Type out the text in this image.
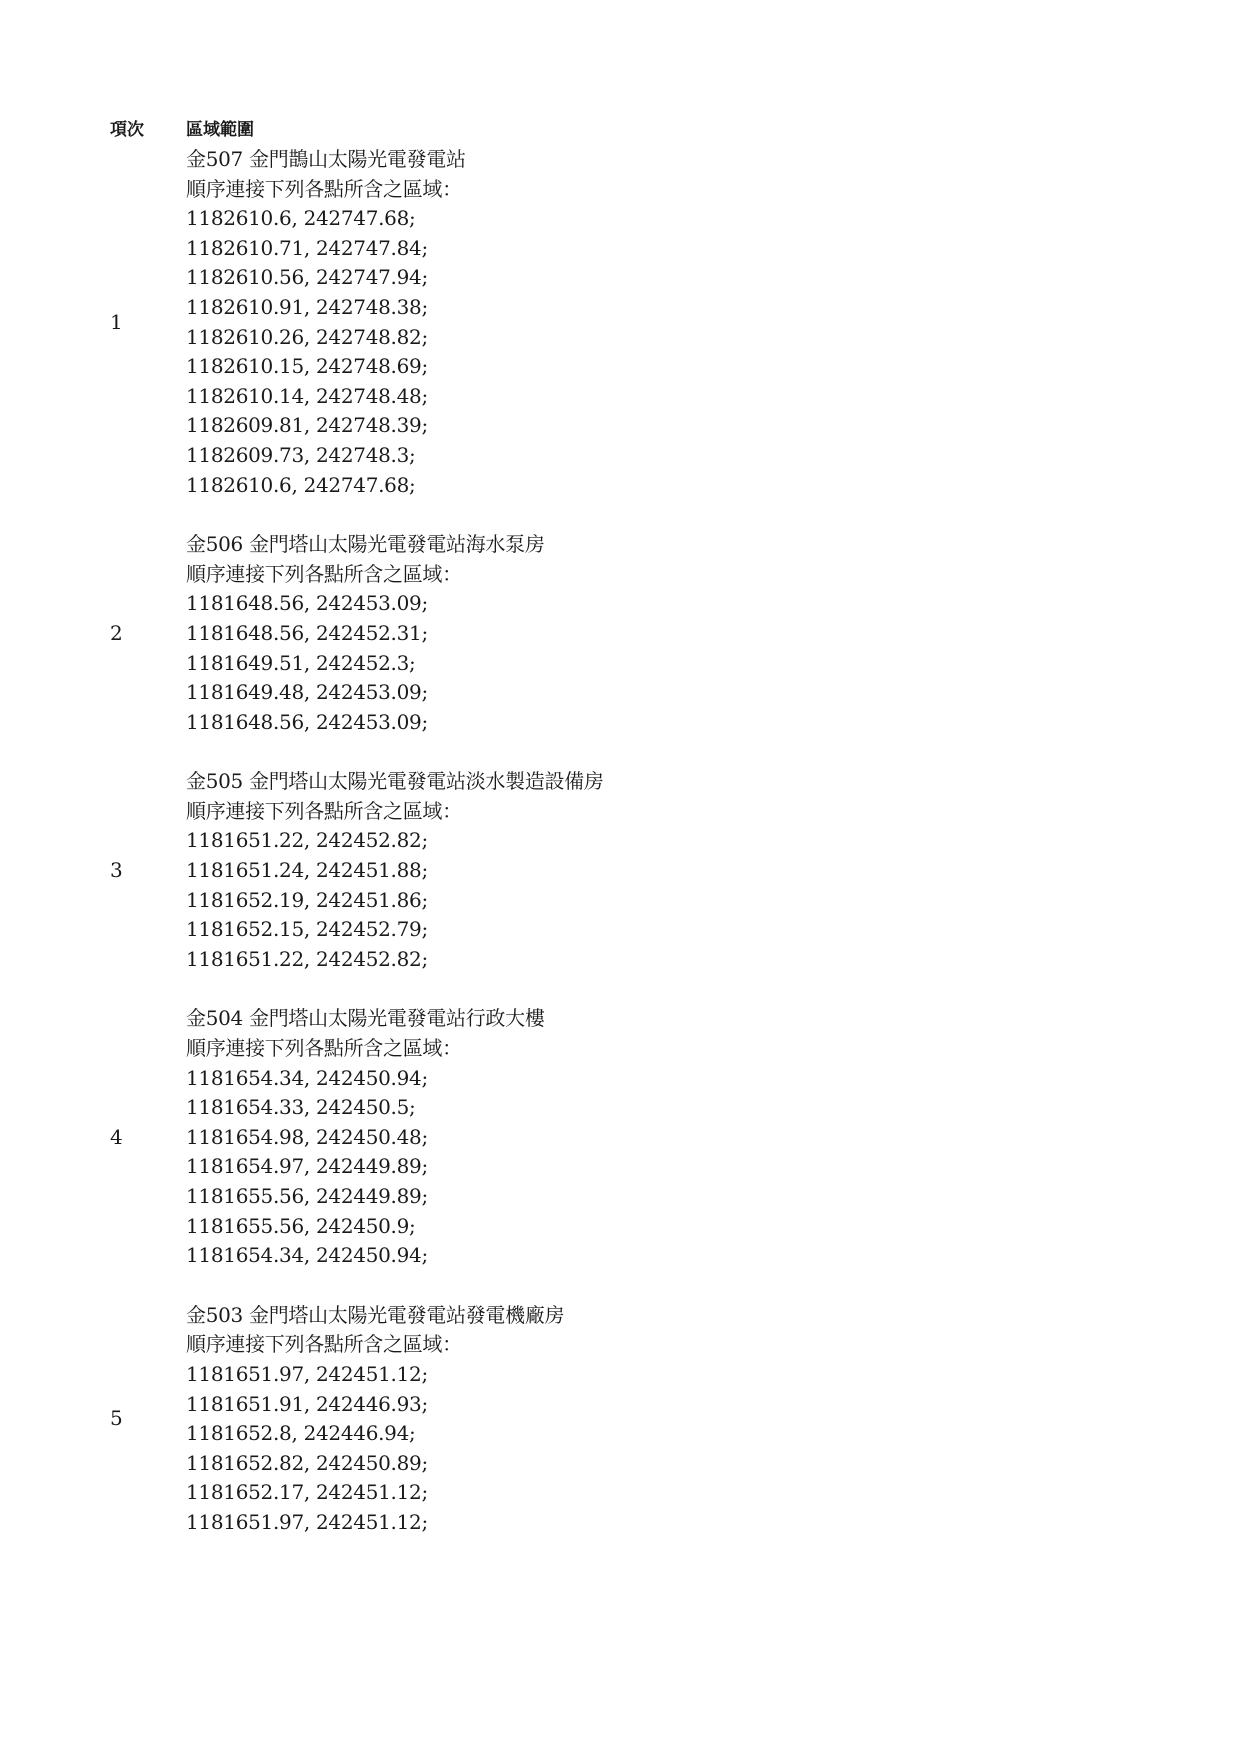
項次 區域範圍
1
金507 金門鵲山太陽光電發電站
順序連接下列各點所含之區域：
1182610.6, 242747.68;
1182610.71, 242747.84;
1182610.56, 242747.94;
1182610.91, 242748.38;
1182610.26, 242748.82;
1182610.15, 242748.69;
1182610.14, 242748.48;
1182609.81, 242748.39;
1182609.73, 242748.3;
1182610.6, 242747.68;
2
金506 金門塔山太陽光電發電站海水泵房
順序連接下列各點所含之區域：
1181648.56, 242453.09;
1181648.56, 242452.31;
1181649.51, 242452.3;
1181649.48, 242453.09;
1181648.56, 242453.09;
3
金505 金門塔山太陽光電發電站淡水製造設備房
順序連接下列各點所含之區域：
1181651.22, 242452.82;
1181651.24, 242451.88;
1181652.19, 242451.86;
1181652.15, 242452.79;
1181651.22, 242452.82;
4
金504 金門塔山太陽光電發電站行政大樓
順序連接下列各點所含之區域：
1181654.34, 242450.94;
1181654.33, 242450.5;
1181654.98, 242450.48;
1181654.97, 242449.89;
1181655.56, 242449.89;
1181655.56, 242450.9;
1181654.34, 242450.94;
5
金503 金門塔山太陽光電發電站發電機廠房
順序連接下列各點所含之區域：
1181651.97, 242451.12;
1181651.91, 242446.93;
1181652.8, 242446.94;
1181652.82, 242450.89;
1181652.17, 242451.12;
1181651.97, 242451.12;
